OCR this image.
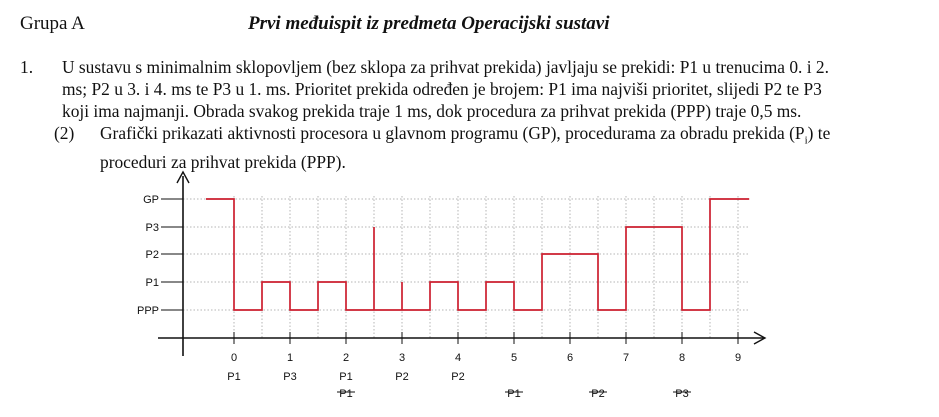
Grupa A	Prvi međuispit iz predmeta Operacijski sustavi
1. U sustavu s minimalnim sklopovljem (bez sklopa za prihvat prekida) javljaju se prekidi: P1 u trenucima 0. i 2.
ms; P2 u 3. i 4. ms te P3 u 1. ms. Prioritet prekida određen je brojem: P1 ima najviši prioritet, slijedi P2 te P3
koji ima najmanji. Obrada svakog prekida traje 1 ms, dok procedura za prihvat prekida (PPP) traje 0,5 ms.
(2) Grafički prikazati aktivnosti procesora u glavnom programu (GP), procedurama za obradu prekida $(P_i)$ te
proceduri za prihvat prekida (PPP).
PPP
P1
P2
P3
GP
0	1	2	3	4	5	6	7	8	9
P1	P3	P1	P2	P2
P1	P1	P2	P3
